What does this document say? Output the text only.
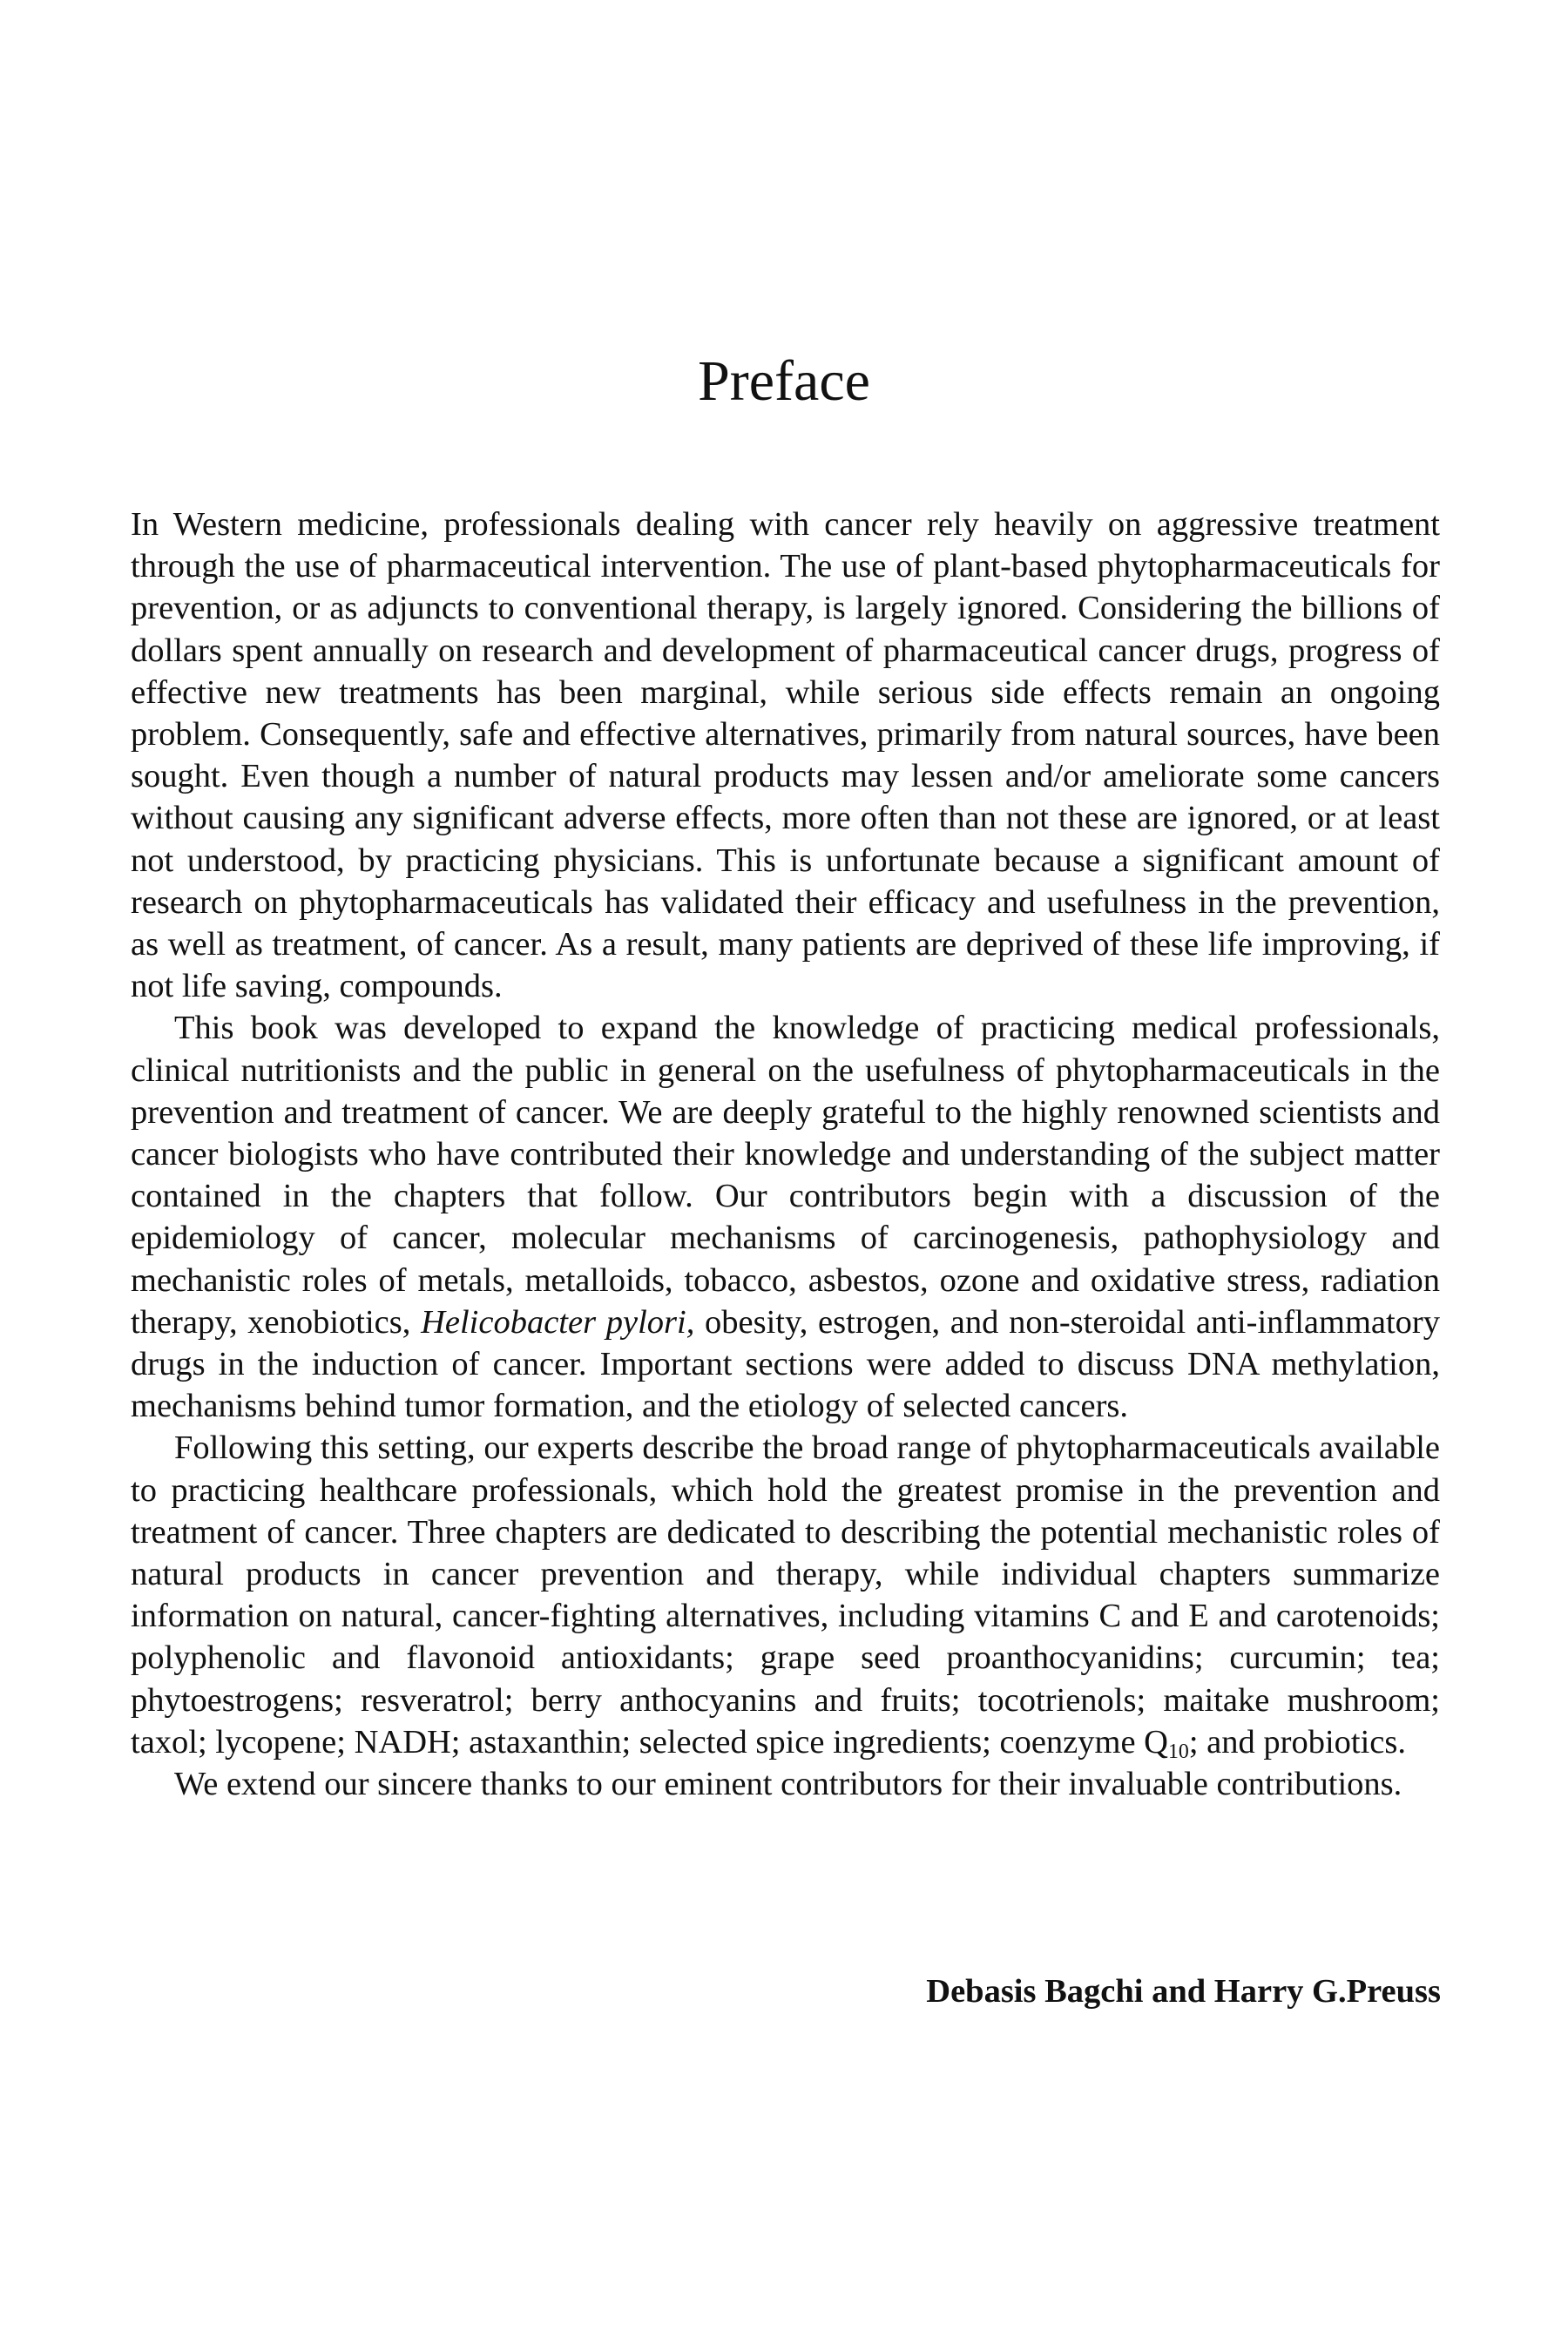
Preface

In Western medicine, professionals dealing with cancer rely heavily on aggressive treatment through the use of pharmaceutical intervention. The use of plant-based phytopharmaceuticals for prevention, or as adjuncts to conventional therapy, is largely ignored. Considering the billions of dollars spent annually on research and development of pharmaceutical cancer drugs, progress of effective new treatments has been marginal, while serious side effects remain an ongoing problem. Consequently, safe and effective alternatives, primarily from natural sources, have been sought. Even though a number of natural products may lessen and/or ameliorate some cancers without causing any significant adverse effects, more often than not these are ignored, or at least not understood, by practicing physicians. This is unfortunate because a significant amount of research on phytopharmaceuticals has validated their efficacy and usefulness in the prevention, as well as treatment, of cancer. As a result, many patients are deprived of these life improving, if not life saving, compounds.

This book was developed to expand the knowledge of practicing medical professionals, clinical nutritionists and the public in general on the usefulness of phytopharmaceuticals in the prevention and treatment of cancer. We are deeply grateful to the highly renowned scientists and cancer biologists who have contributed their knowledge and understanding of the subject matter contained in the chapters that follow. Our contributors begin with a discussion of the epidemiology of cancer, molecular mechanisms of carcinogenesis, pathophysiology and mechanistic roles of metals, metalloids, tobacco, asbestos, ozone and oxidative stress, radiation therapy, xenobiotics, Helicobacter pylori, obesity, estrogen, and non-steroidal anti-inflammatory drugs in the induction of cancer. Important sections were added to discuss DNA methylation, mechanisms behind tumor formation, and the etiology of selected cancers.

Following this setting, our experts describe the broad range of phytopharmaceuticals available to practicing healthcare professionals, which hold the greatest promise in the prevention and treatment of cancer. Three chapters are dedicated to describing the potential mechanistic roles of natural products in cancer prevention and therapy, while individual chapters summarize information on natural, cancer-fighting alternatives, including vitamins C and E and carotenoids; polyphenolic and flavonoid antioxidants; grape seed proanthocyanidins; curcumin; tea; phytoestrogens; resveratrol; berry anthocyanins and fruits; tocotrienols; maitake mushroom; taxol; lycopene; NADH; astaxanthin; selected spice ingredients; coenzyme $Q_{10}$; and probiotics.

We extend our sincere thanks to our eminent contributors for their invaluable contributions.

Debasis Bagchi and Harry G.Preuss
